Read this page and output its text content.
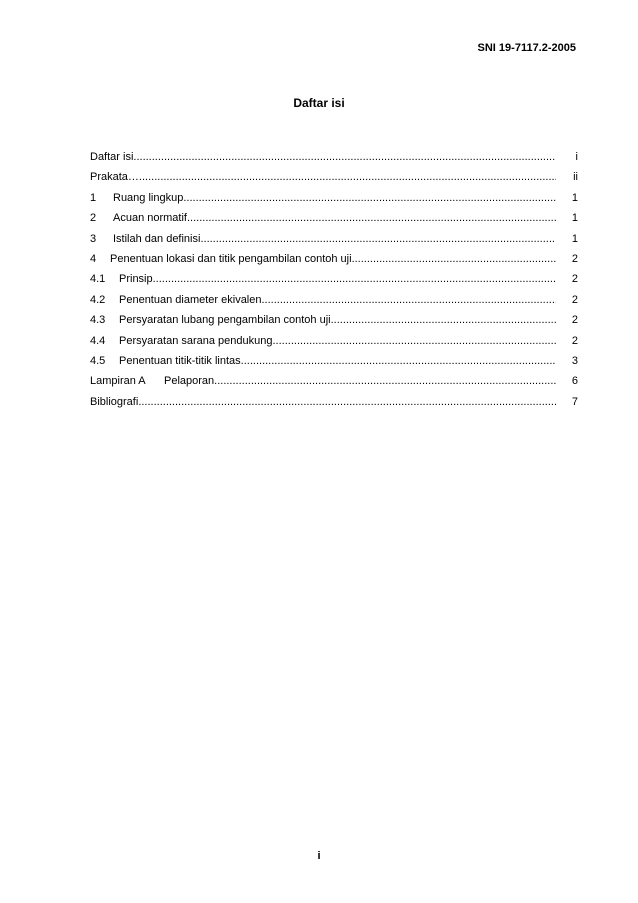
SNI 19-7117.2-2005
Daftar isi
Daftar isi .....	i
Prakata… .....	ii
1	Ruang lingkup .....	1
2	Acuan normatif .....	1
3	Istilah dan definisi .....	1
4	Penentuan lokasi dan titik pengambilan contoh uji .....	2
4.1	Prinsip .....	2
4.2	Penentuan diameter ekivalen .....	2
4.3	Persyaratan lubang pengambilan contoh uji .....	2
4.4	Persyaratan sarana pendukung .....	2
4.5	Penentuan titik-titik lintas .....	3
Lampiran A	Pelaporan .....	6
Bibliografi .....	7
i
